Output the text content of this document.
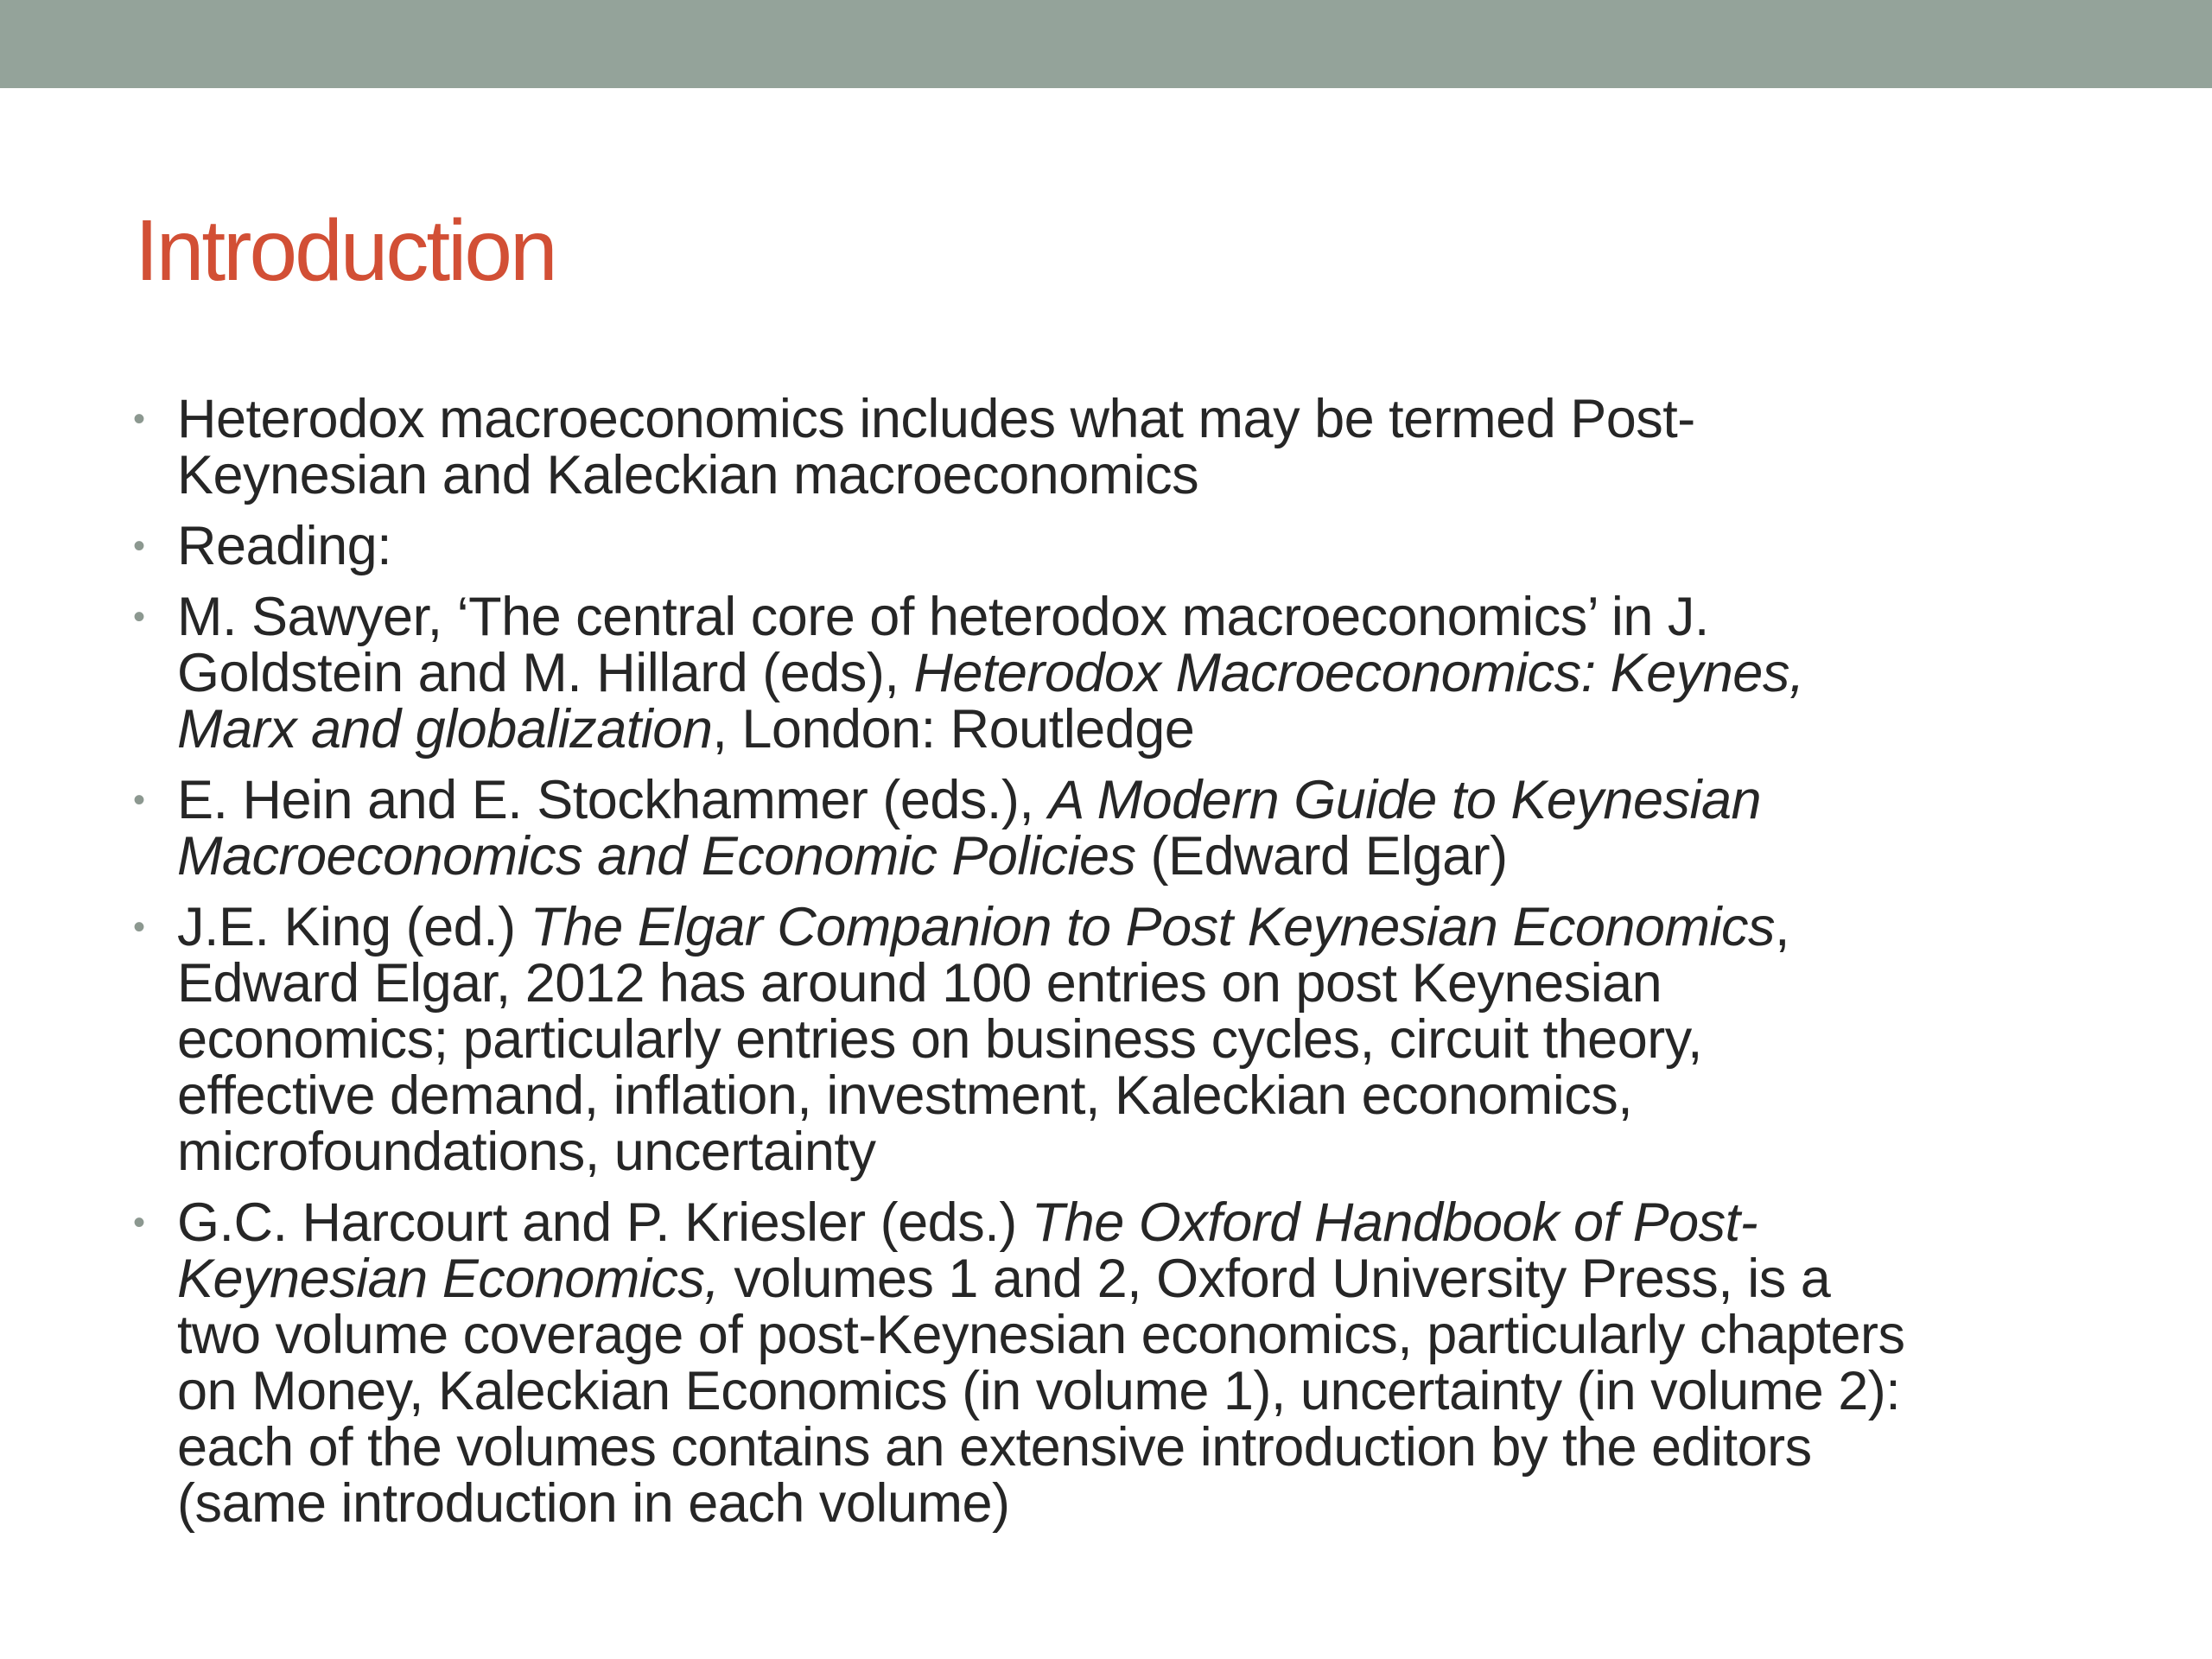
Introduction
• Heterodox macroeconomics includes what may be termed Post-
Keynesian and Kaleckian macroeconomics
• Reading:
• M. Sawyer, ‘The central core of heterodox macroeconomics’ in J.
Goldstein and M. Hillard (eds), Heterodox Macroeconomics: Keynes,
Marx and globalization, London: Routledge
• E. Hein and E. Stockhammer (eds.), A Modern Guide to Keynesian
Macroeconomics and Economic Policies (Edward Elgar)
• J.E. King (ed.) The Elgar Companion to Post Keynesian Economics,
Edward Elgar, 2012 has around 100 entries on post Keynesian
economics; particularly entries on business cycles, circuit theory,
effective demand, inflation, investment, Kaleckian economics,
microfoundations, uncertainty
• G.C. Harcourt and P. Kriesler (eds.) The Oxford Handbook of Post-
Keynesian Economics, volumes 1 and 2, Oxford University Press, is a
two volume coverage of post-Keynesian economics, particularly chapters
on Money, Kaleckian Economics (in volume 1), uncertainty (in volume 2):
each of the volumes contains an extensive introduction by the editors
(same introduction in each volume)
